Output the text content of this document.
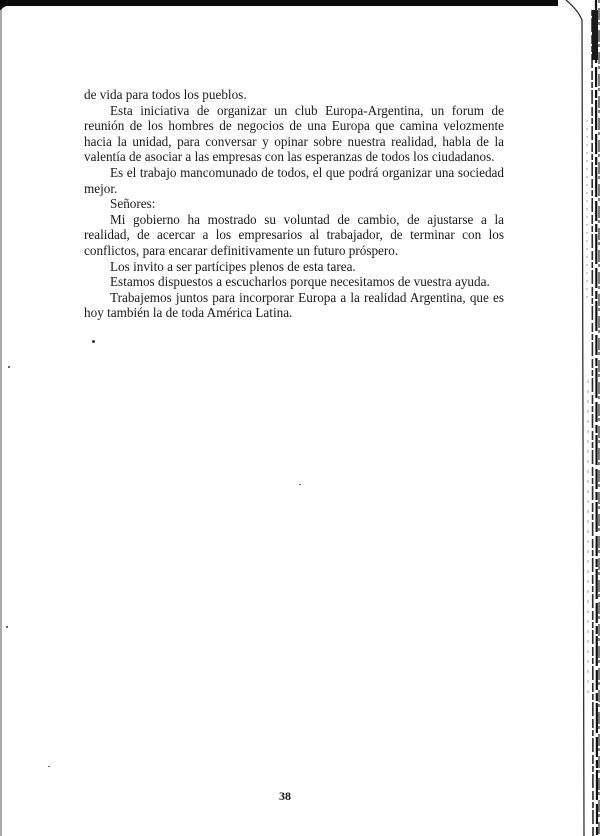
de vida para todos los pueblos.

Esta iniciativa de organizar un club Europa-Argentina, un forum de reunión de los hombres de negocios de una Europa que camina velozmente hacia la unidad, para conversar y opinar sobre nuestra realidad, habla de la valentía de asociar a las empresas con las esperanzas de todos los ciudadanos.

Es el trabajo mancomunado de todos, el que podrá organizar una sociedad mejor.

Señores:

Mi gobierno ha mostrado su voluntad de cambio, de ajustarse a la realidad, de acercar a los empresarios al trabajador, de terminar con los conflictos, para encarar definitivamente un futuro próspero.

Los invito a ser partícipes plenos de esta tarea.

Estamos dispuestos a escucharlos porque necesitamos de vuestra ayuda.

Trabajemos juntos para incorporar Europa a la realidad Argentina, que es hoy también la de toda América Latina.

38
